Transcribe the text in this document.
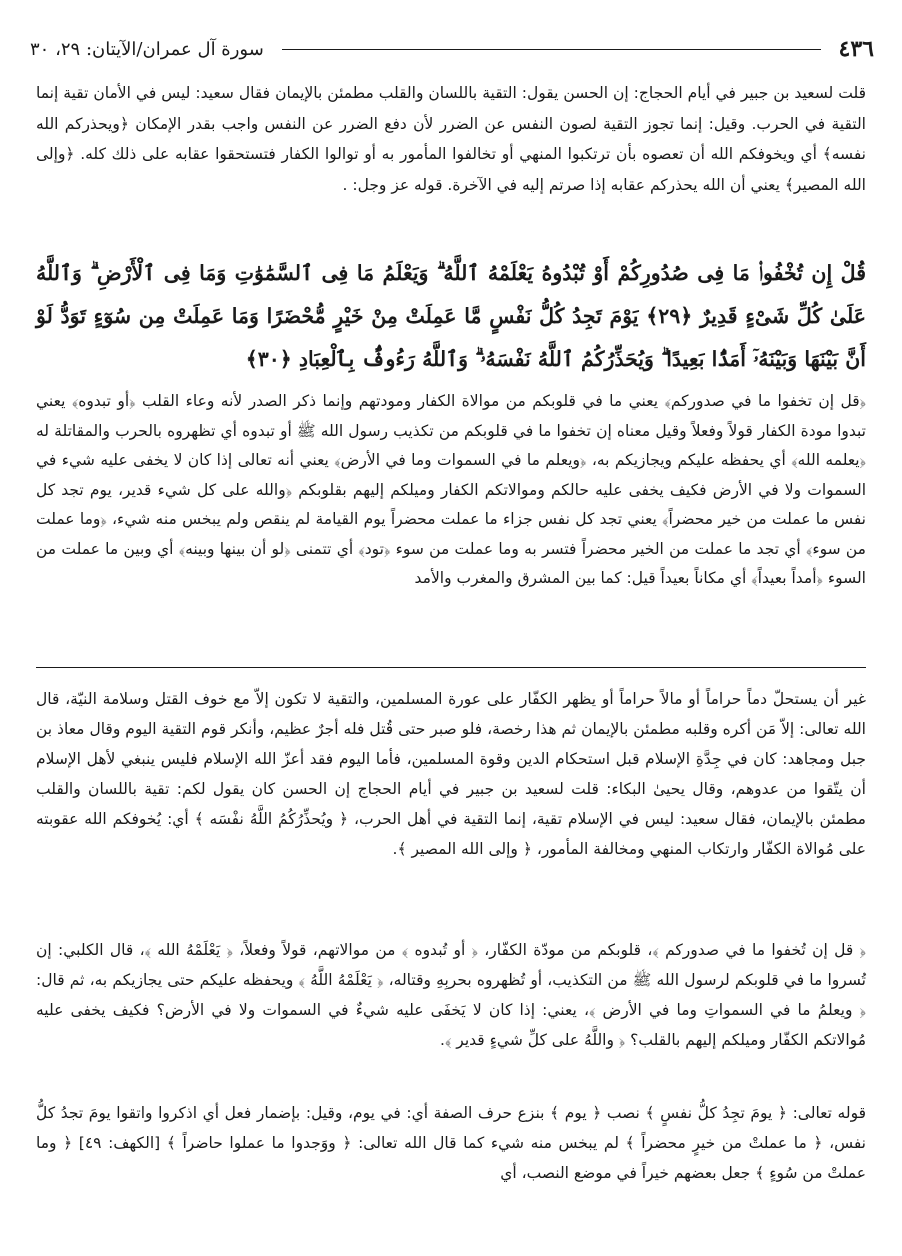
٤٣٦
سورة آل عمران/الآيتان: ٢٩، ٣٠

قلت لسعيد بن جبير في أيام الحجاج: إن الحسن يقول: التقية باللسان والقلب مطمئن بالإيمان فقال سعيد: ليس في الأمان تقية إنما التقية في الحرب. وقيل: إنما تجوز التقية لصون النفس عن الضرر لأن دفع الضرر عن النفس واجب بقدر الإمكان ﴿ويحذركم الله نفسه﴾ أي ويخوفكم الله أن تعصوه بأن ترتكبوا المنهي أو تخالفوا المأمور به أو توالوا الكفار فتستحقوا عقابه على ذلك كله. ﴿وإلى الله المصير﴾ يعني أن الله يحذركم عقابه إذا صرتم إليه في الآخرة. قوله عز وجل: .

قُلْ إِن تُخْفُوا۟ مَا فِى صُدُورِكُمْ أَوْ تُبْدُوهُ يَعْلَمْهُ ٱللَّهُ ۗ وَيَعْلَمُ مَا فِى ٱلسَّمَٰوَٰتِ وَمَا فِى ٱلْأَرْضِ ۗ وَٱللَّهُ عَلَىٰ كُلِّ شَىْءٍ قَدِيرٌ ﴿٢٩﴾ يَوْمَ تَجِدُ كُلُّ نَفْسٍ مَّا عَمِلَتْ مِنْ خَيْرٍ مُّحْضَرًا وَمَا عَمِلَتْ مِن سُوٓءٍ تَوَدُّ لَوْ أَنَّ بَيْنَهَا وَبَيْنَهُۥٓ أَمَدًۢا بَعِيدًا ۗ وَيُحَذِّرُكُمُ ٱللَّهُ نَفْسَهُۥ ۗ وَٱللَّهُ رَءُوفٌۢ بِٱلْعِبَادِ ﴿٣٠﴾

﴿قل إن تخفوا ما في صدوركم﴾ يعني ما في قلوبكم من موالاة الكفار ومودتهم وإنما ذكر الصدر لأنه وعاء القلب ﴿أو تبدوه﴾ يعني تبدوا مودة الكفار قولاً وفعلاً وقيل معناه إن تخفوا ما في قلوبكم من تكذيب رسول الله ﷺ أو تبدوه أي تظهروه بالحرب والمقاتلة له ﴿يعلمه الله﴾ أي يحفظه عليكم ويجازيكم به، ﴿ويعلم ما في السموات وما في الأرض﴾ يعني أنه تعالى إذا كان لا يخفى عليه شيء في السموات ولا في الأرض فكيف يخفى عليه حالكم وموالاتكم الكفار وميلكم إليهم بقلوبكم ﴿والله على كل شيء قدير، يوم تجد كل نفس ما عملت من خير محضراً﴾ يعني تجد كل نفس جزاء ما عملت محضراً يوم القيامة لم ينقص ولم يبخس منه شيء، ﴿وما عملت من سوء﴾ أي تجد ما عملت من الخير محضراً فتسر به وما عملت من سوء ﴿تود﴾ أي تتمنى ﴿لو أن بينها وبينه﴾ أي وبين ما عملت من السوء ﴿أمداً بعيداً﴾ أي مكاناً بعيداً قيل: كما بين المشرق والمغرب والأمد

غير أن يستحلّ دماً حراماً أو مالاً حراماً أو يظهر الكفّار على عورة المسلمين، والتقية لا تكون إلاّ مع خوف القتل وسلامة النيّة، قال الله تعالى: إلاّ مَن أكره وقلبه مطمئن بالإيمان ثم هذا رخصة، فلو صبر حتى قُتل فله أجرٌ عظيم، وأنكر قوم التقية اليوم وقال معاذ بن جبل ومجاهد: كان في جِدَّةِ الإسلام قبل استحكام الدين وقوة المسلمين، فأما اليوم فقد أعزّ الله الإسلام فليس ينبغي لأهل الإسلام أن يتّقوا من عدوهم، وقال يحيىٰ البكاء: قلت لسعيد بن جبير في أيام الحجاج إن الحسن كان يقول لكم: تقية باللسان والقلب مطمئن بالإيمان، فقال سعيد: ليس في الإسلام تقية، إنما التقية في أهل الحرب، ﴿ ويُحذِّرُكُمُ اللَّهُ نفْسَه ﴾ أي: يُخوفكم الله عقوبته على مُوالاة الكفّار وارتكاب المنهي ومخالفة المأمور، ﴿ وإلى الله المصير ﴾.

﴿ قل إن تُخفوا ما في صدوركم ﴾، قلوبكم من مودّة الكفّار، ﴿ أو تُبدوه ﴾ من موالاتهم، قولاً وفعلاً، ﴿ يَعْلَمْهُ الله ﴾، قال الكلبي: إن تُسروا ما في قلوبكم لرسول الله ﷺ من التكذيب، أو تُظهروه بحربِهِ وقتاله، ﴿ يَعْلَمْهُ اللَّهُ ﴾ ويحفظه عليكم حتى يجازيكم به، ثم قال: ﴿ ويعلمُ ما في السمواتِ وما في الأرض ﴾، يعني: إذا كان لا يَخفَى عليه شيءٌ في السموات ولا في الأرض؟ فكيف يخفى عليه مُوالاتكم الكفّار وميلكم إليهم بالقلب؟ ﴿ واللَّهُ على كلِّ شيءٍ قدير ﴾.

قوله تعالى: ﴿ يومَ تجِدُ كلُّ نفسٍ ﴾ نصب ﴿ يوم ﴾ بنزع حرف الصفة أي: في يوم، وقيل: بإضمار فعل أي اذكروا واتقوا يومَ تجدُ كلُّ نفس، ﴿ ما عملتْ من خيرٍ محضراً ﴾ لم يبخس منه شيء كما قال الله تعالى: ﴿ ووَجدوا ما عملوا حاضراً ﴾ [الكهف: ٤٩] ﴿ وما عملتْ من سُوءٍ ﴾ جعل بعضهم خيراً في موضع النصب، أي
